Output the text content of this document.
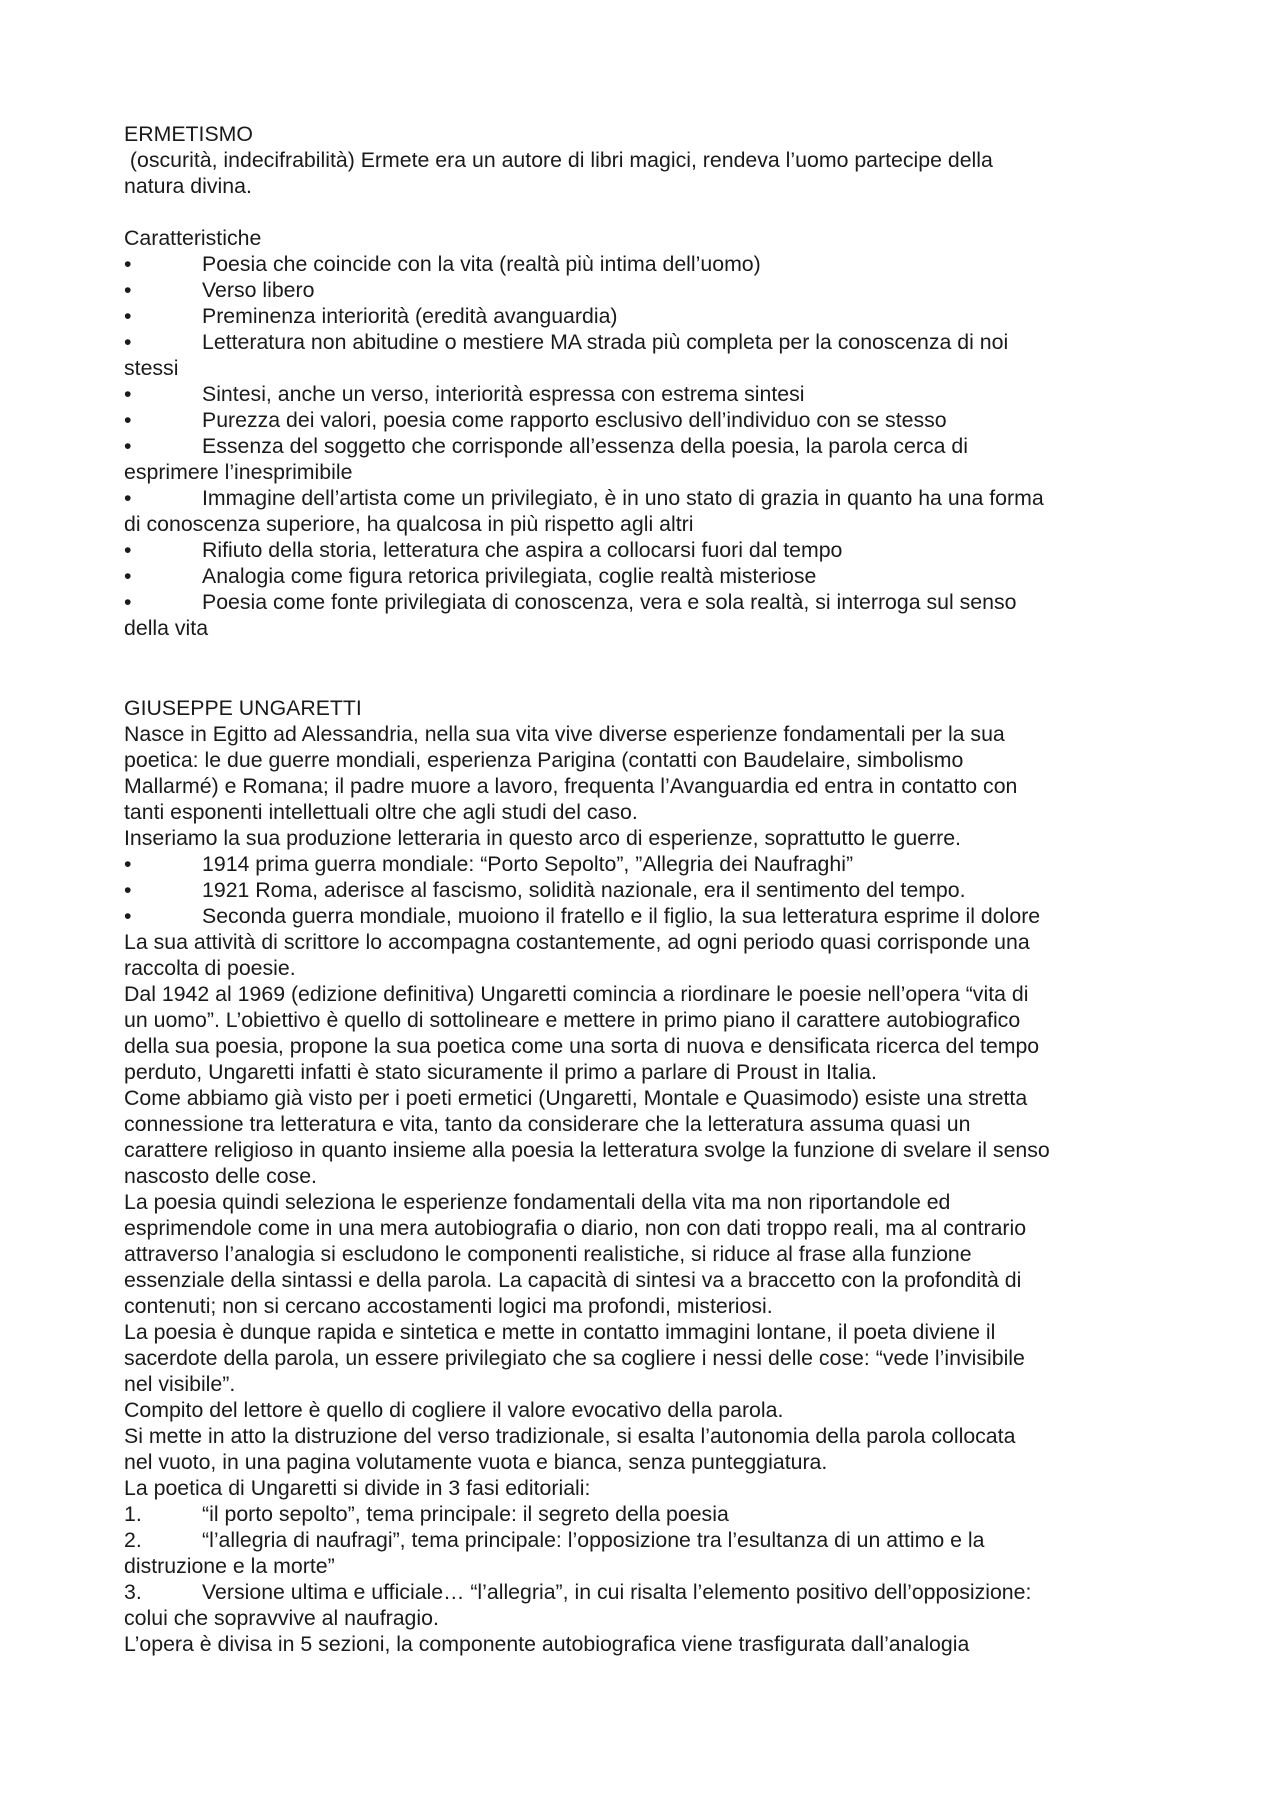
ERMETISMO
(oscurità, indecifrabilità) Ermete era un autore di libri magici, rendeva l’uomo partecipe della
natura divina.
Caratteristiche
•	Poesia che coincide con la vita (realtà più intima dell’uomo)
•	Verso libero
•	Preminenza interiorità (eredità avanguardia)
•	Letteratura non abitudine o mestiere MA strada più completa per la conoscenza di noi
stessi
•	Sintesi, anche un verso, interiorità espressa con estrema sintesi
•	Purezza dei valori, poesia come rapporto esclusivo dell’individuo con se stesso
•	Essenza del soggetto che corrisponde all’essenza della poesia, la parola cerca di
esprimere l’inesprimibile
•	Immagine dell’artista come un privilegiato, è in uno stato di grazia in quanto ha una forma
di conoscenza superiore, ha qualcosa in più rispetto agli altri
•	Rifiuto della storia, letteratura che aspira a collocarsi fuori dal tempo
•	Analogia come figura retorica privilegiata, coglie realtà misteriose
•	Poesia come fonte privilegiata di conoscenza, vera e sola realtà, si interroga sul senso
della vita
GIUSEPPE UNGARETTI
Nasce in Egitto ad Alessandria, nella sua vita vive diverse esperienze fondamentali per la sua
poetica: le due guerre mondiali, esperienza Parigina (contatti con Baudelaire, simbolismo
Mallarmé) e Romana; il padre muore a lavoro, frequenta l’Avanguardia ed entra in contatto con
tanti esponenti intellettuali oltre che agli studi del caso.
Inseriamo la sua produzione letteraria in questo arco di esperienze, soprattutto le guerre.
•	1914 prima guerra mondiale: “Porto Sepolto”, ”Allegria dei Naufraghi”
•	1921 Roma, aderisce al fascismo, solidità nazionale, era il sentimento del tempo.
•	Seconda guerra mondiale, muoiono il fratello e il figlio, la sua letteratura esprime il dolore
La sua attività di scrittore lo accompagna costantemente, ad ogni periodo quasi corrisponde una
raccolta di poesie.
Dal 1942 al 1969 (edizione definitiva) Ungaretti comincia a riordinare le poesie nell’opera “vita di
un uomo”. L’obiettivo è quello di sottolineare e mettere in primo piano il carattere autobiografico
della sua poesia, propone la sua poetica come una sorta di nuova e densificata ricerca del tempo
perduto, Ungaretti infatti è stato sicuramente il primo a parlare di Proust in Italia.
Come abbiamo già visto per i poeti ermetici (Ungaretti, Montale e Quasimodo) esiste una stretta
connessione tra letteratura e vita, tanto da considerare che la letteratura assuma quasi un
carattere religioso in quanto insieme alla poesia la letteratura svolge la funzione di svelare il senso
nascosto delle cose.
La poesia quindi seleziona le esperienze fondamentali della vita ma non riportandole ed
esprimendole come in una mera autobiografia o diario, non con dati troppo reali, ma al contrario
attraverso l’analogia si escludono le componenti realistiche, si riduce al frase alla funzione
essenziale della sintassi e della parola. La capacità di sintesi va a braccetto con la profondità di
contenuti; non si cercano accostamenti logici ma profondi, misteriosi.
La poesia è dunque rapida e sintetica e mette in contatto immagini lontane, il poeta diviene il
sacerdote della parola, un essere privilegiato che sa cogliere i nessi delle cose: “vede l’invisibile
nel visibile”.
Compito del lettore è quello di cogliere il valore evocativo della parola.
Si mette in atto la distruzione del verso tradizionale, si esalta l’autonomia della parola collocata
nel vuoto, in una pagina volutamente vuota e bianca, senza punteggiatura.
La poetica di Ungaretti si divide in 3 fasi editoriali:
1.	“il porto sepolto”, tema principale: il segreto della poesia
2.	“l’allegria di naufragi”, tema principale: l’opposizione tra l’esultanza di un attimo e la
distruzione e la morte”
3.	Versione ultima e ufficiale… “l’allegria”, in cui risalta l’elemento positivo dell’opposizione:
colui che sopravvive al naufragio.
L’opera è divisa in 5 sezioni, la componente autobiografica viene trasfigurata dall’analogia
